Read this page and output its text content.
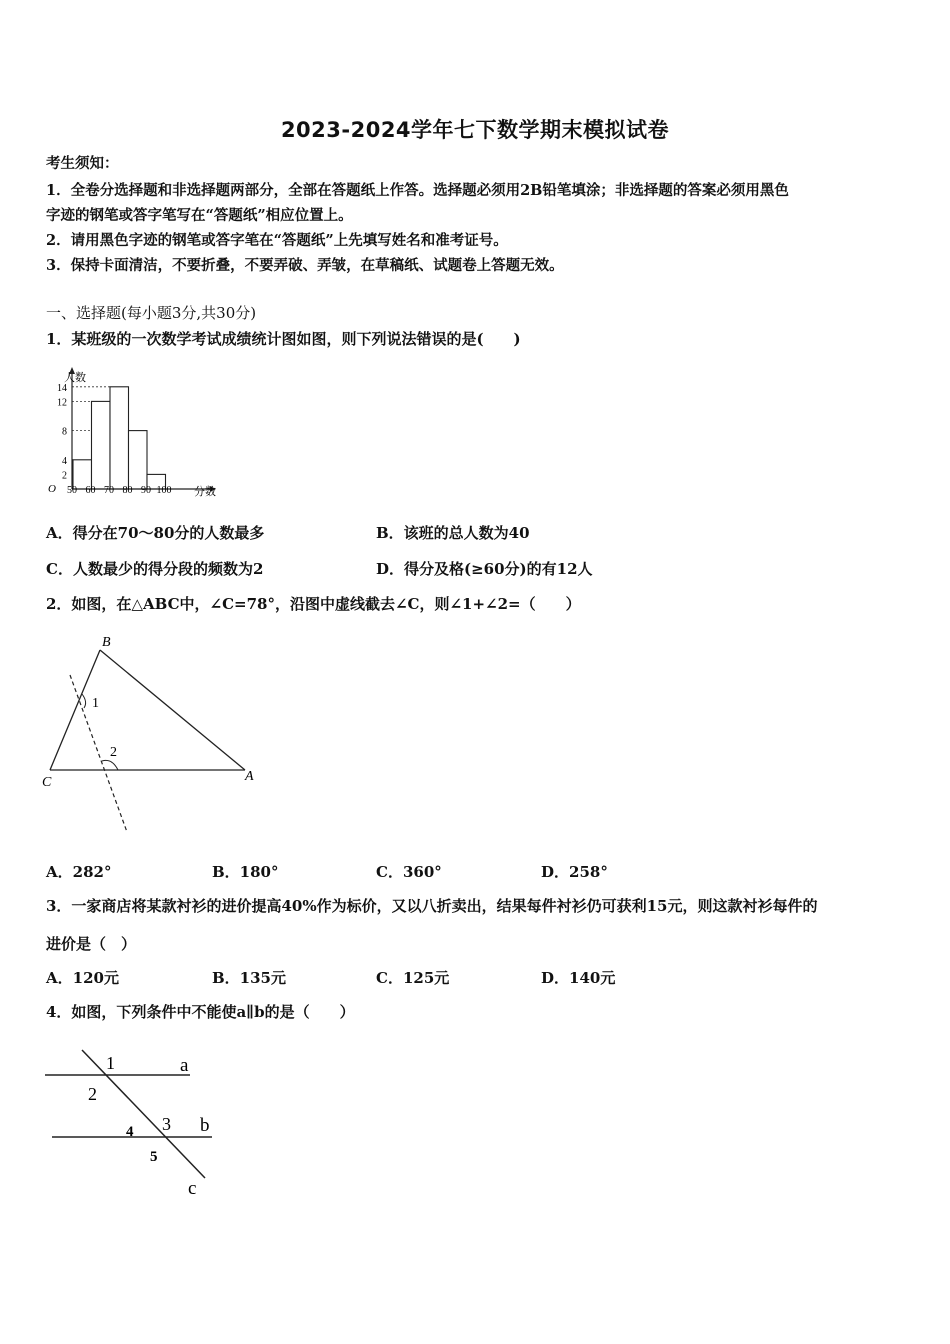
2023-2024学年七下数学期末模拟试卷
考生须知：
1．全卷分选择题和非选择题两部分，全部在答题纸上作答。选择题必须用2B铅笔填涂；非选择题的答案必须用黑色
字迹的钢笔或答字笔写在“答题纸”相应位置上。
2．请用黑色字迹的钢笔或答字笔在“答题纸”上先填写姓名和准考证号。
3．保持卡面清洁，不要折叠，不要弄破、弄皱，在草稿纸、试题卷上答题无效。
一、选择题(每小题3分,共30分)
1．某班级的一次数学考试成绩统计图如图，则下列说法错误的是(　　)
2
4
8
12
14
50 60 70 80 90 100
O
人数
分数
A．得分在70～80分的人数最多	B．该班的总人数为40
C．人数最少的得分段的频数为2	D．得分及格(≥60分)的有12人
2．如图，在△ABC中，∠C=78°，沿图中虚线截去∠C，则∠1+∠2=（　　）
B
C	A
1
2
A．282°	B．180°	C．360°	D．258°
3．一家商店将某款衬衫的进价提高40%作为标价，又以八折卖出，结果每件衬衫仍可获利15元，则这款衬衫每件的
进价是（　）
A．120元	B．135元	C．125元	D．140元
4．如图，下列条件中不能使a∥b的是（　　）
1
2
3
4
5
a
b
c
